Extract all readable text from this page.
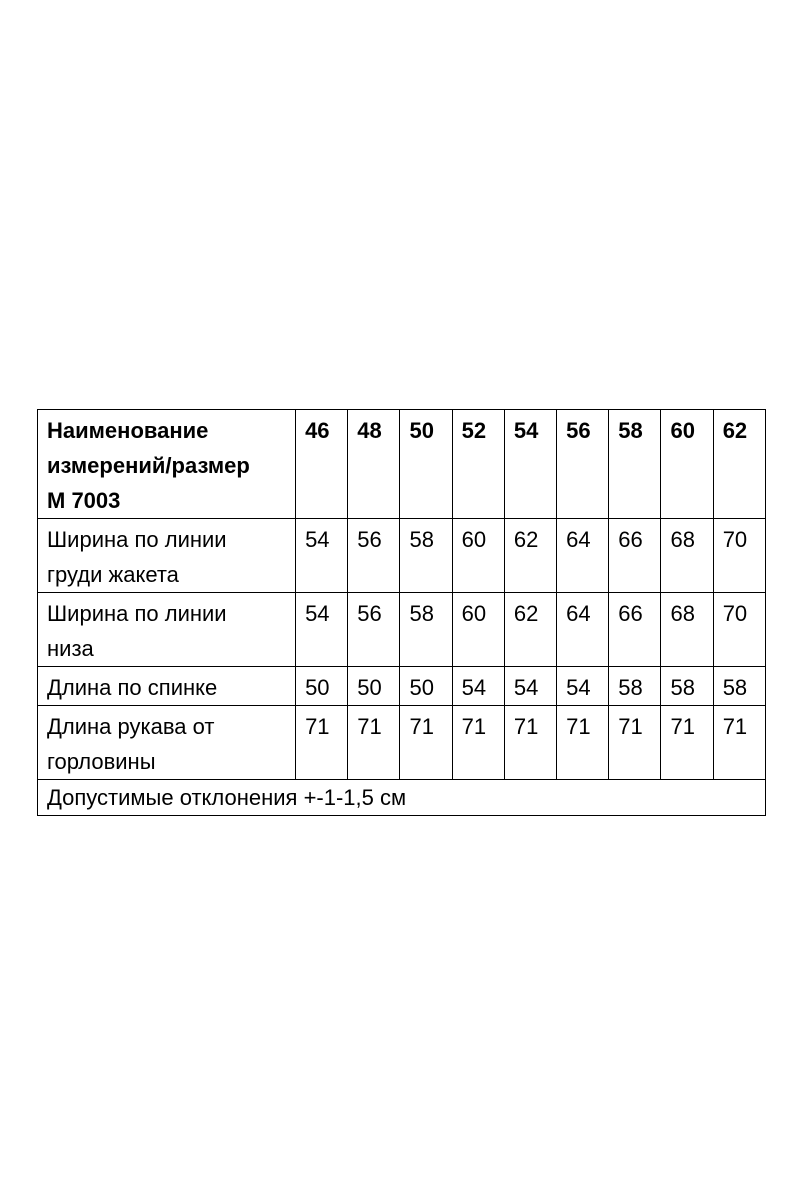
Наименование
измерений/размер
М 7003	46	48	50	52	54	56	58	60	62

Ширина по линии
груди жакета	54	56	58	60	62	64	66	68	70

Ширина по линии
низа	54	56	58	60	62	64	66	68	70

Длина по спинке	50	50	50	54	54	54	58	58	58

Длина рукава от
горловины	71	71	71	71	71	71	71	71	71
Допустимые отклонения +-1-1,5 см									
